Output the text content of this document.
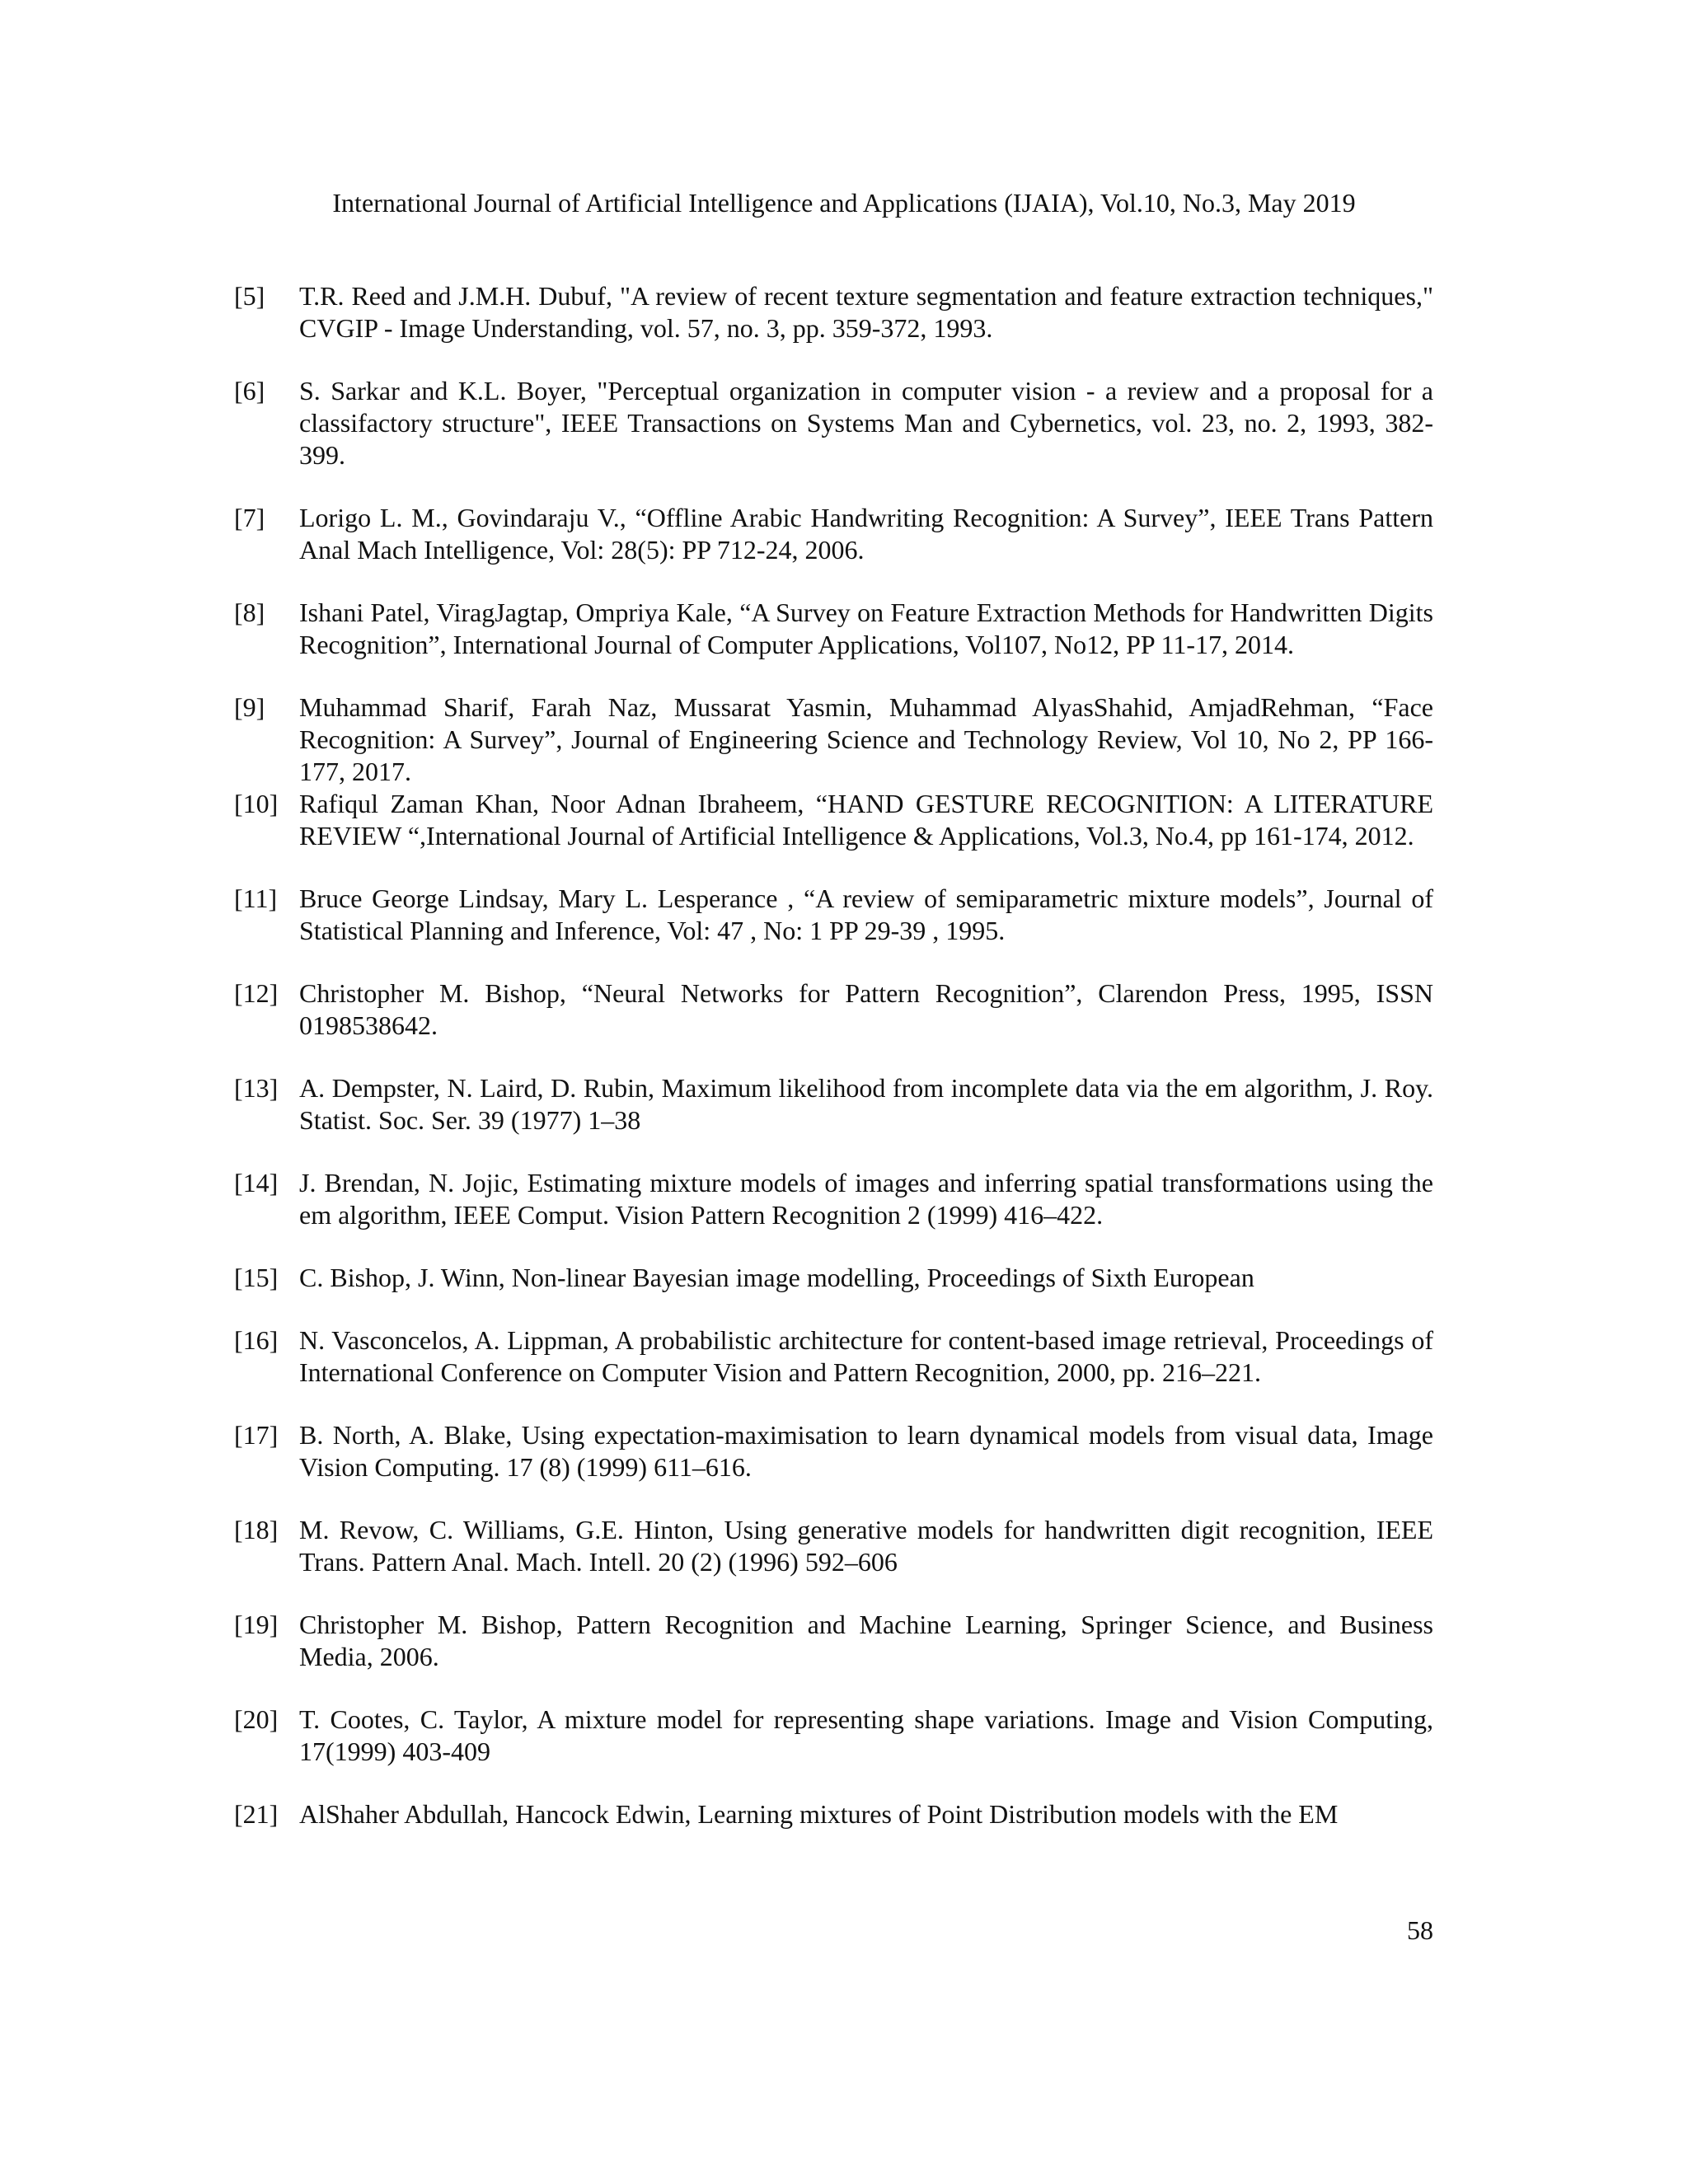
International Journal of Artificial Intelligence and Applications (IJAIA), Vol.10, No.3, May 2019
[5] T.R. Reed and J.M.H. Dubuf, "A review of recent texture segmentation and feature extraction techniques," CVGIP - Image Understanding, vol. 57, no. 3, pp. 359-372, 1993.
[6] S. Sarkar and K.L. Boyer, "Perceptual organization in computer vision - a review and a proposal for a classifactory structure", IEEE Transactions on Systems Man and Cybernetics, vol. 23, no. 2, 1993, 382-399.
[7] Lorigo L. M., Govindaraju V., “Offline Arabic Handwriting Recognition: A Survey”, IEEE Trans Pattern Anal Mach Intelligence, Vol: 28(5): PP 712-24, 2006.
[8] Ishani Patel, ViragJagtap, Ompriya Kale, “A Survey on Feature Extraction Methods for Handwritten Digits Recognition”, International Journal of Computer Applications, Vol107, No12, PP 11-17, 2014.
[9] Muhammad Sharif, Farah Naz, Mussarat Yasmin, Muhammad AlyasShahid, AmjadRehman, “Face Recognition: A Survey”, Journal of Engineering Science and Technology Review, Vol 10, No 2, PP 166-177, 2017.
[10] Rafiqul Zaman Khan, Noor Adnan Ibraheem, “HAND GESTURE RECOGNITION: A LITERATURE REVIEW “,International Journal of Artificial Intelligence & Applications, Vol.3, No.4, pp 161-174, 2012.
[11] Bruce George Lindsay, Mary L. Lesperance , “A review of semiparametric mixture models”, Journal of Statistical Planning and Inference, Vol: 47 , No: 1 PP 29-39 , 1995.
[12] Christopher M. Bishop, “Neural Networks for Pattern Recognition”, Clarendon Press, 1995, ISSN 0198538642.
[13] A. Dempster, N. Laird, D. Rubin, Maximum likelihood from incomplete data via the em algorithm, J. Roy. Statist. Soc. Ser. 39 (1977) 1–38
[14] J. Brendan, N. Jojic, Estimating mixture models of images and inferring spatial transformations using the em algorithm, IEEE Comput. Vision Pattern Recognition 2 (1999) 416–422.
[15] C. Bishop, J. Winn, Non-linear Bayesian image modelling, Proceedings of Sixth European
[16] N. Vasconcelos, A. Lippman, A probabilistic architecture for content-based image retrieval, Proceedings of International Conference on Computer Vision and Pattern Recognition, 2000, pp. 216–221.
[17] B. North, A. Blake, Using expectation-maximisation to learn dynamical models from visual data, Image Vision Computing. 17 (8) (1999) 611–616.
[18] M. Revow, C. Williams, G.E. Hinton, Using generative models for handwritten digit recognition, IEEE Trans. Pattern Anal. Mach. Intell. 20 (2) (1996) 592–606
[19] Christopher M. Bishop, Pattern Recognition and Machine Learning, Springer Science, and Business Media, 2006.
[20] T. Cootes, C. Taylor, A mixture model for representing shape variations. Image and Vision Computing, 17(1999) 403-409
[21] AlShaher Abdullah, Hancock Edwin, Learning mixtures of Point Distribution models with the EM
58
